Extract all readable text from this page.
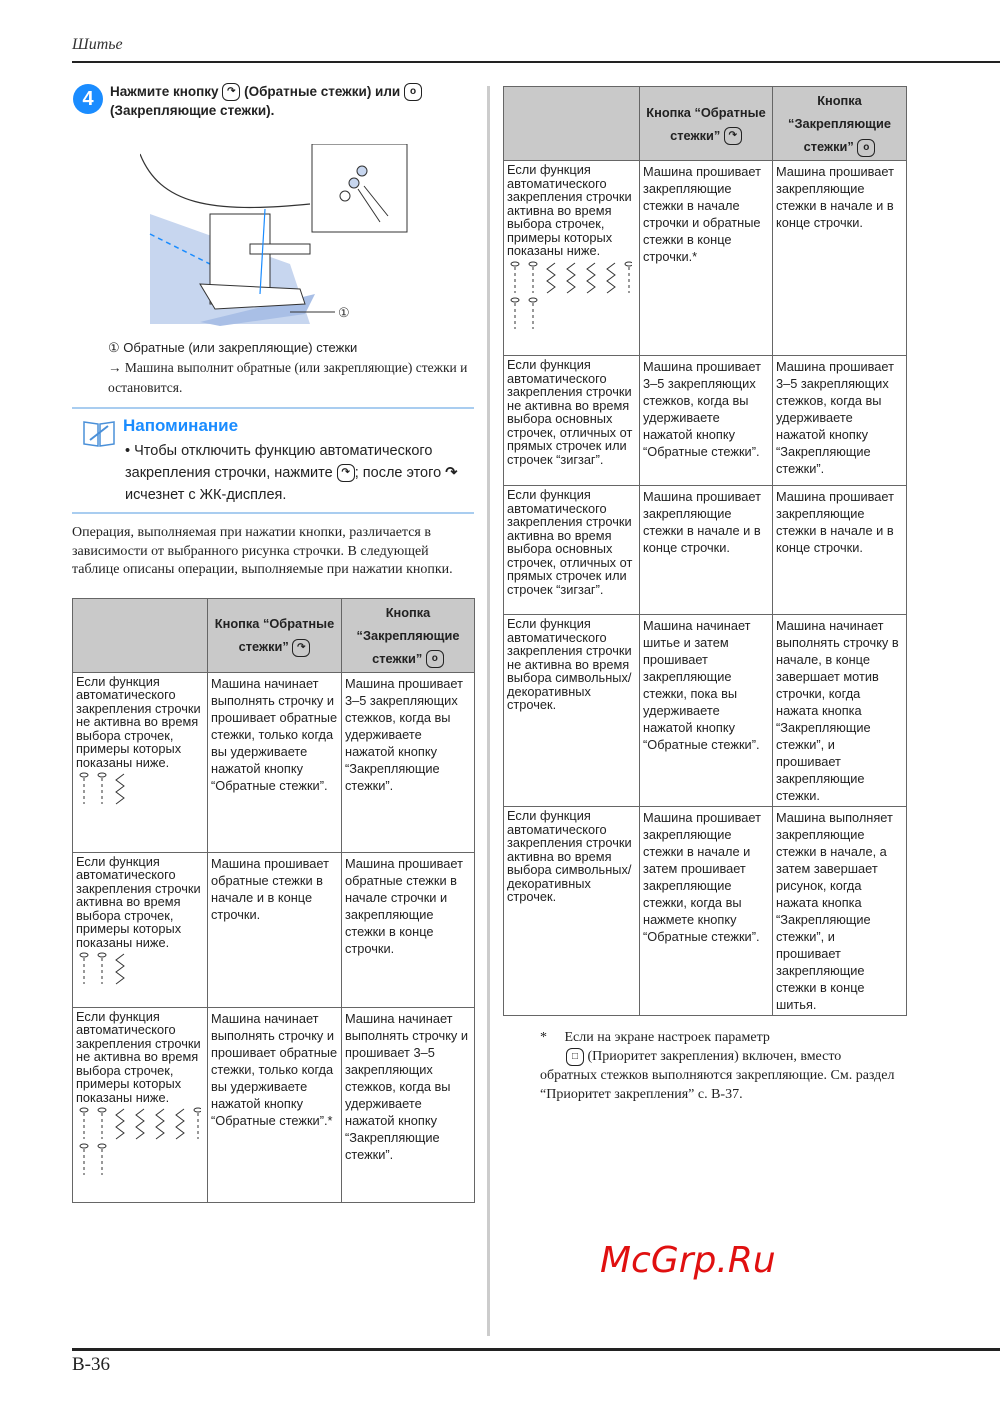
Шитье
4	Нажмите кнопку ↷ (Обратные стежки) или o
(Закрепляющие стежки).
①
① Обратные (или закрепляющие) стежки
→ Машина выполнит обратные (или закрепляющие) стежки и остановится.
Напоминание
• Чтобы отключить функцию автоматического закрепления строчки, нажмите ↷ ; после этого ↷ исчезнет с ЖК-дисплея.
Операция, выполняемая при нажатии кнопки, различается в зависимости от выбранного рисунка строчки. В следующей таблице описаны операции, выполняемые при нажатии кнопки.
	Кнопка “Обратные стежки” ↷	Кнопка “Закрепляющие стежки” o
Если функция автоматического закрепления строчки не активна во время выбора строчек, примеры которых показаны ниже.	Машина начинает выполнять строчку и прошивает обратные стежки, только когда вы удерживаете нажатой кнопку “Обратные стежки”.	Машина прошивает 3–5 закрепляющих стежков, когда вы удерживаете нажатой кнопку “Закрепляющие стежки”.
Если функция автоматического закрепления строчки активна во время выбора строчек, примеры которых показаны ниже.	Машина прошивает обратные стежки в начале и в конце строчки.	Машина прошивает обратные стежки в начале строчки и закрепляющие стежки в конце строчки.
Если функция автоматического закрепления строчки не активна во время выбора строчек, примеры которых показаны ниже.	Машина начинает выполнять строчку и прошивает обратные стежки, только когда вы удерживаете нажатой кнопку “Обратные стежки”.*	Машина начинает выполнять строчку и прошивает 3–5 закрепляющих стежков, когда вы удерживаете нажатой кнопку “Закрепляющие стежки”.
	Кнопка “Обратные стежки” ↷	Кнопка “Закрепляющие стежки” o
Если функция автоматического закрепления строчки активна во время выбора строчек, примеры которых показаны ниже.	Машина прошивает закрепляющие стежки в начале строчки и обратные стежки в конце строчки.*	Машина прошивает закрепляющие стежки в начале и в конце строчки.
Если функция автоматического закрепления строчки не активна во время выбора основных строчек, отличных от прямых строчек или строчек “зигзаг”.	Машина прошивает 3–5 закрепляющих стежков, когда вы удерживаете нажатой кнопку “Обратные стежки”.	Машина прошивает 3–5 закрепляющих стежков, когда вы удерживаете нажатой кнопку “Закрепляющие стежки”.
Если функция автоматического закрепления строчки активна во время выбора основных строчек, отличных от прямых строчек или строчек “зигзаг”.	Машина прошивает закрепляющие стежки в начале и в конце строчки.	Машина прошивает закрепляющие стежки в начале и в конце строчки.
Если функция автоматического закрепления строчки не активна во время выбора символьных/декоративных строчек.	Машина начинает шитье и затем прошивает закрепляющие стежки, пока вы удерживаете нажатой кнопку “Обратные стежки”.	Машина начинает выполнять строчку в начале, в конце завершает мотив строчки, когда нажата кнопка “Закрепляющие стежки”, и прошивает закрепляющие стежки.
Если функция автоматического закрепления строчки активна во время выбора символьных/декоративных строчек.	Машина прошивает закрепляющие стежки в начале и затем прошивает закрепляющие стежки, когда вы нажмете кнопку “Обратные стежки”.	Машина выполняет закрепляющие стежки в начале, а затем завершает рисунок, когда нажата кнопка “Закрепляющие стежки”, и прошивает закрепляющие стежки в конце шитья.
* Если на экране настроек параметр
□ (Приоритет закрепления) включен, вместо обратных стежков выполняются закрепляющие. См. раздел “Приоритет закрепления” с. B-37.
McGrp.Ru
B-36
